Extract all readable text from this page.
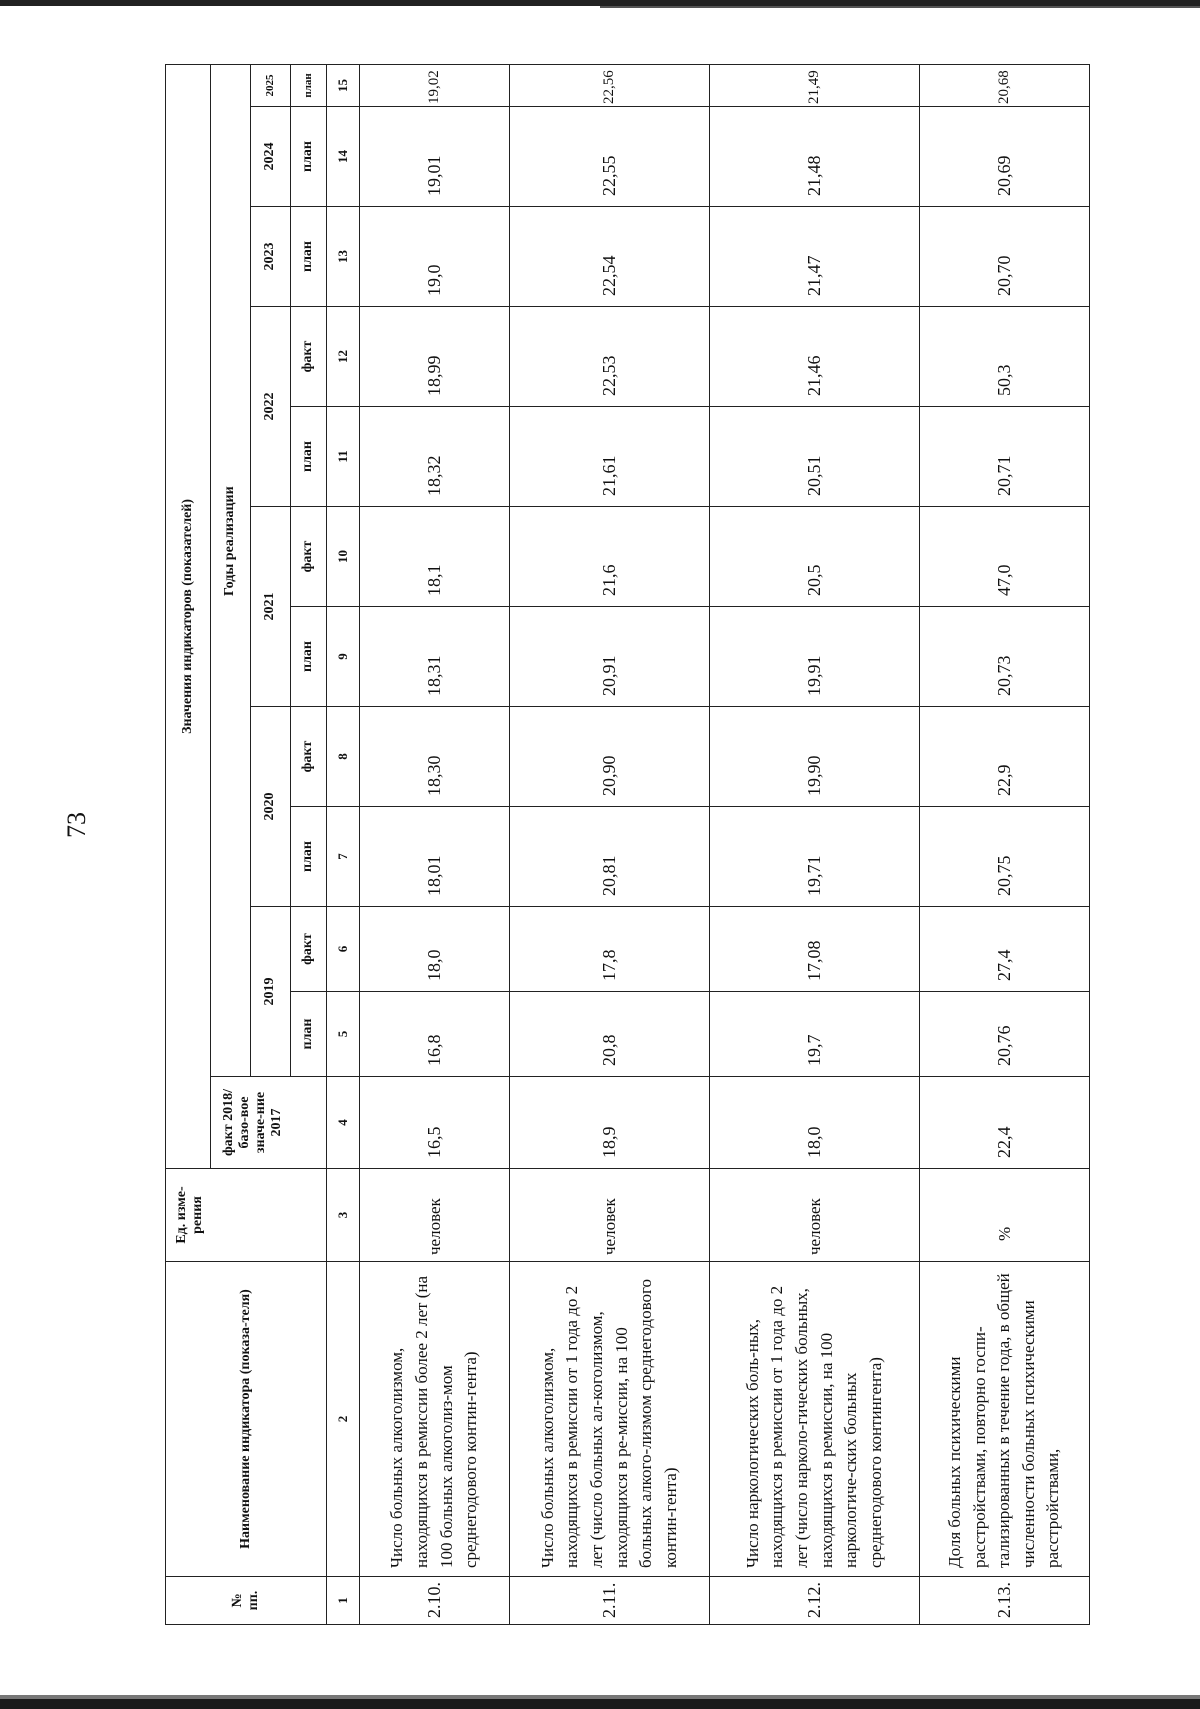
73
№ пп.	Наименование индикатора (показа-теля)	Ед. изме-рения	Значения индикаторов (показателей)											
			факт 2018/базо-вое значе-ние 2017	Годы реализации										
				2019		2020		2021		2022		2023	2024	2025
				план	факт	план	факт	план	факт	план	факт	план	план	план
1	2	3	4	5	6	7	8	9	10	11	12	13	14	15
2.10.	Число больных алкоголизмом, находящихся в ремиссии более 2 лет (на 100 больных алкоголиз-мом среднегодового контин-гента)	человек	16,5	16,8	18,0	18,01	18,30	18,31	18,1	18,32	18,99	19,0	19,01	19,02
2.11.	Число больных алкоголизмом, находящихся в ремиссии от 1 года до 2 лет (число больных ал-коголизмом, находящихся в ре-миссии, на 100 больных алкого-лизмом среднегодового контин-гента)	человек	18,9	20,8	17,8	20,81	20,90	20,91	21,6	21,61	22,53	22,54	22,55	22,56
2.12.	Число наркологических боль-ных, находящихся в ремиссии от 1 года до 2 лет (число нарколо-гических больных, находящихся в ремиссии, на 100 наркологиче-ских больных среднегодового контингента)	человек	18,0	19,7	17,08	19,71	19,90	19,91	20,5	20,51	21,46	21,47	21,48	21,49
2.13.	Доля больных психическими расстройствами, повторно госпи-тализированных в течение года, в общей численности больных психическими расстройствами,	%	22,4	20,76	27,4	20,75	22,9	20,73	47,0	20,71	50,3	20,70	20,69	20,68
